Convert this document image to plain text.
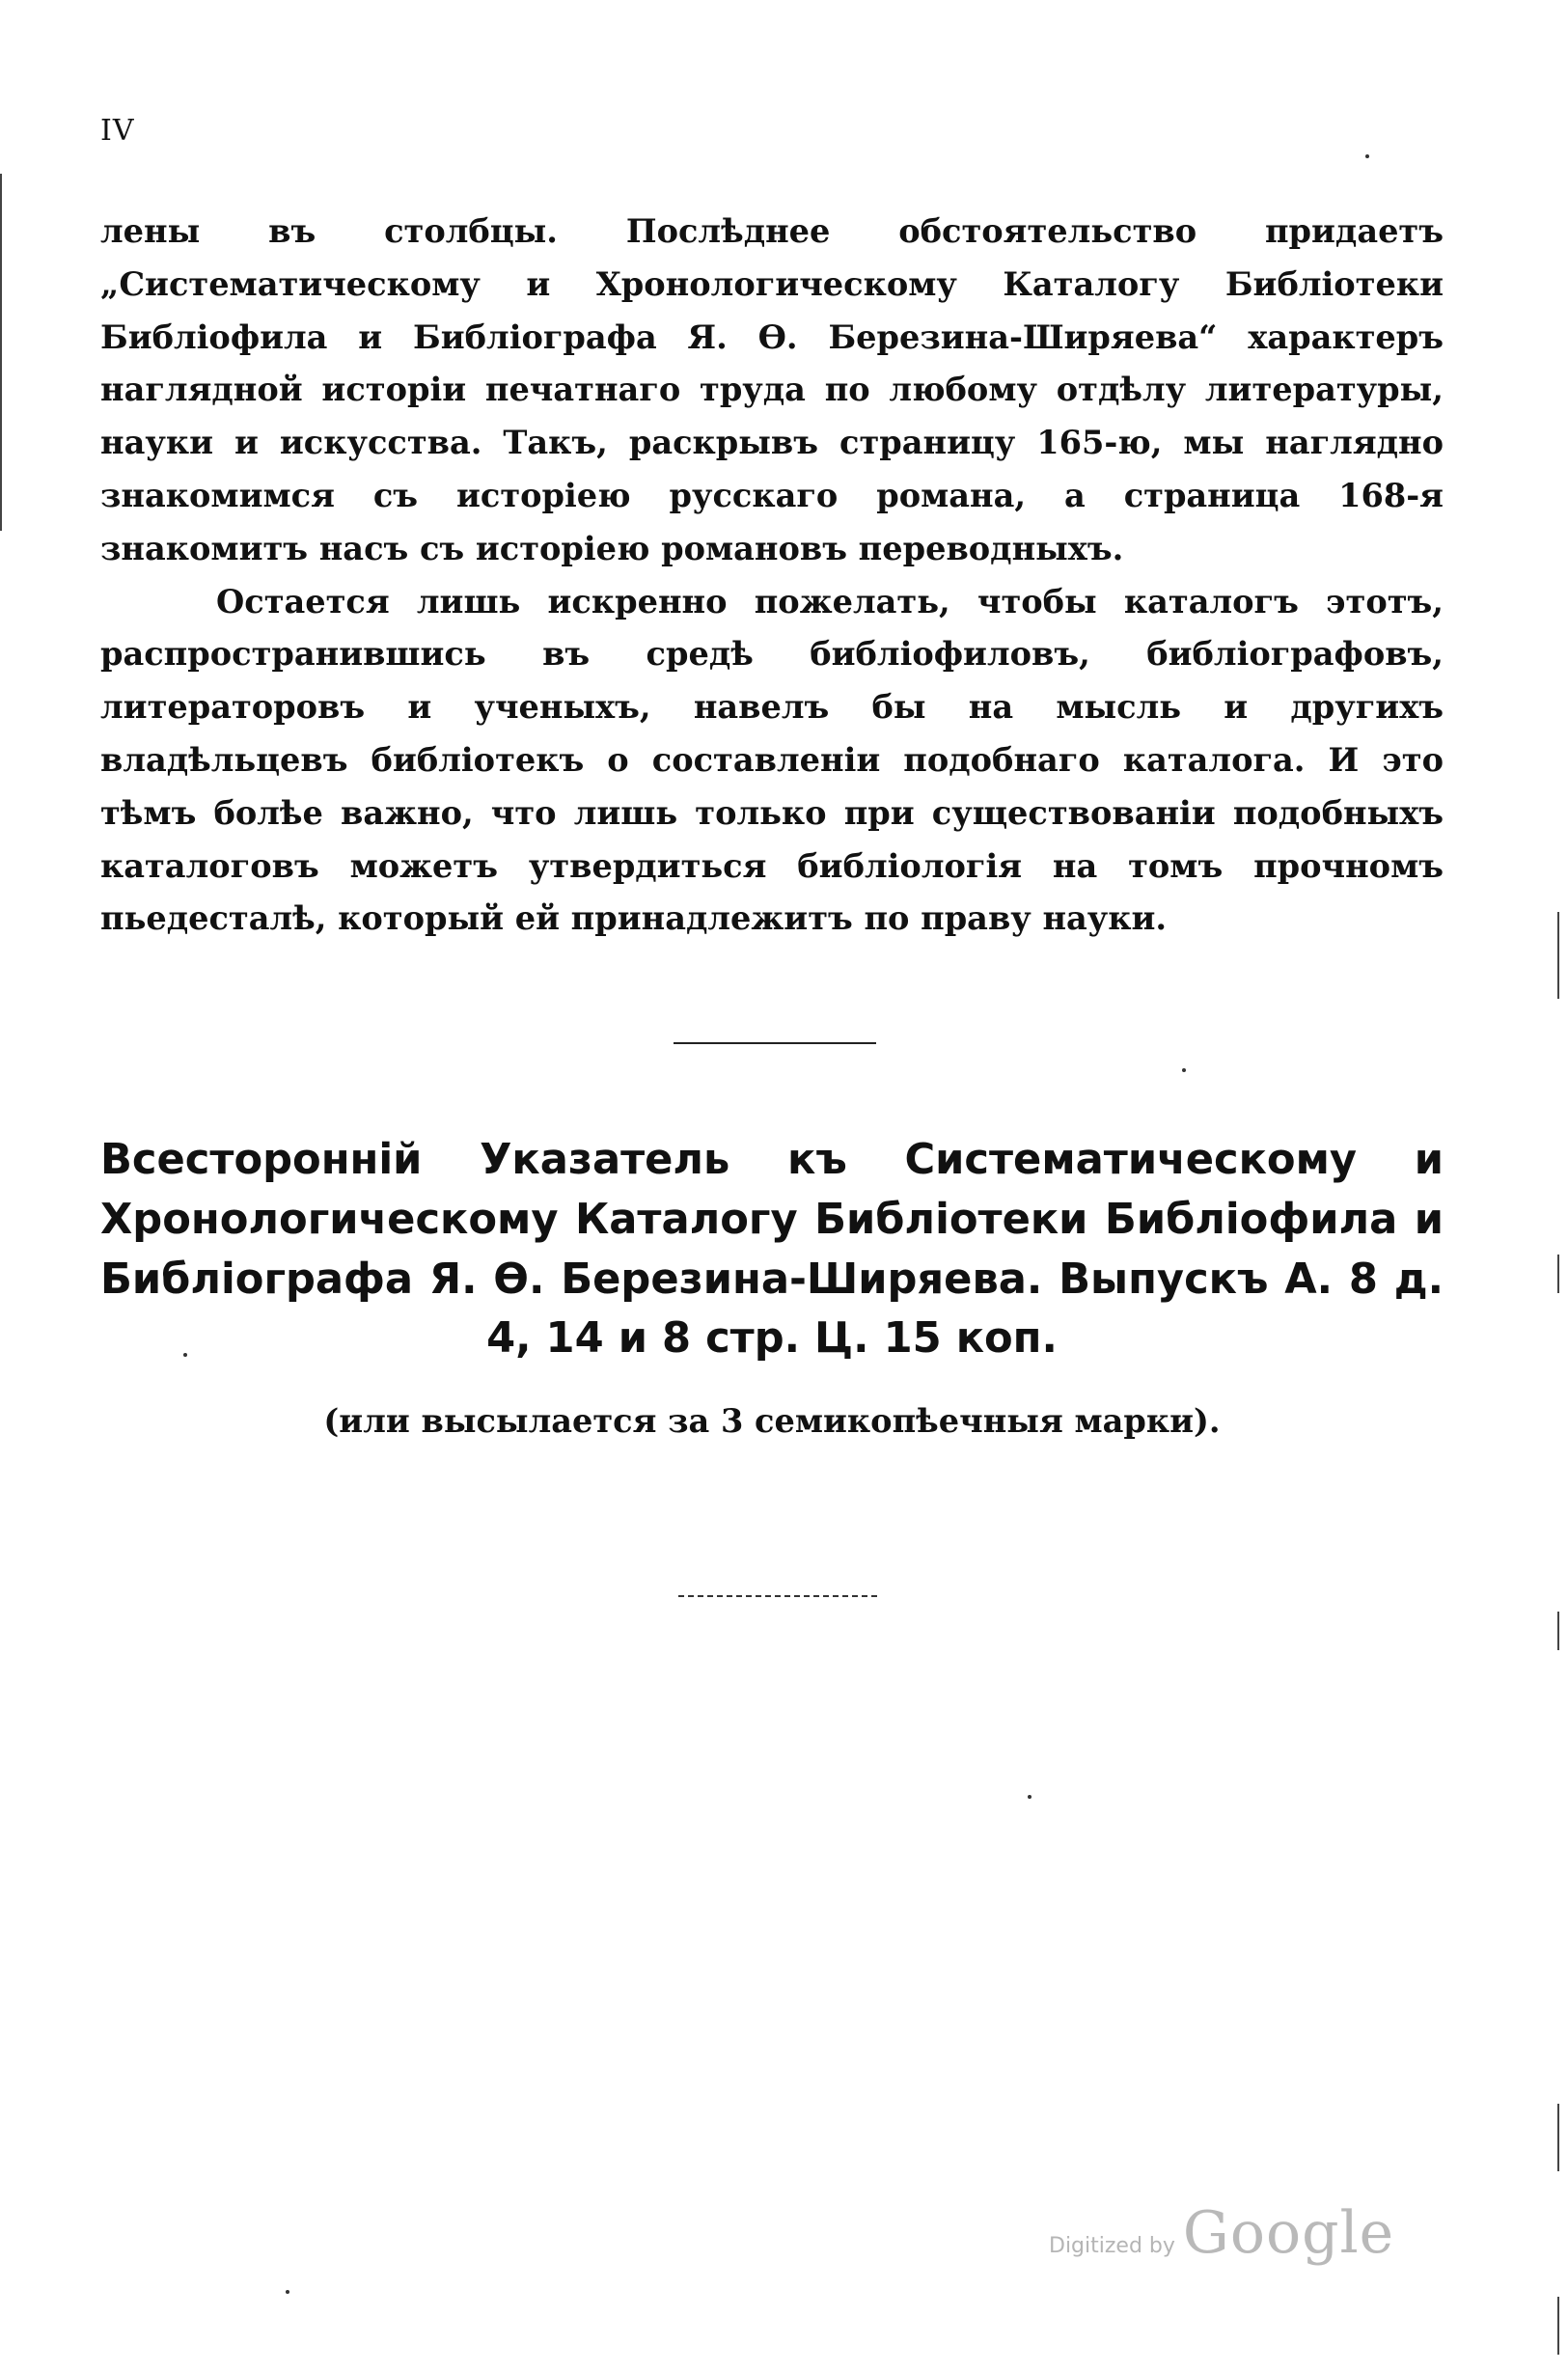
IV

лены въ столбцы. Послѣднее обстоятельство придаетъ „Систематическому и Хронологическому Каталогу Библіотеки Библіофила и Библіографа Я. Ѳ. Березина-Ширяева“ характеръ наглядной исторіи печатнаго труда по любому отдѣлу литературы, науки и искусства. Такъ, раскрывъ страницу 165-ю, мы наглядно знакомимся съ исторіею русскаго романа, а страница 168-я знакомитъ насъ съ исторіею романовъ переводныхъ.

Остается лишь искренно пожелать, чтобы каталогъ этотъ, распространившись въ средѣ библіофиловъ, библіографовъ, литераторовъ и ученыхъ, навелъ бы на мысль и другихъ владѣльцевъ библіотекъ о составленіи подобнаго каталога. И это тѣмъ болѣе важно, что лишь только при существованіи подобныхъ каталоговъ можетъ утвердиться библіологія на томъ прочномъ пьедесталѣ, который ей принадлежитъ по праву науки.

Всесторонній Указатель къ Систематическому и Хронологическому Каталогу Библіотеки Библіофила и Библіографа Я. Ѳ. Березина-Ширяева. Выпускъ А. 8 д. 4, 14 и 8 стр. Ц. 15 коп.
(или высылается за 3 семикопѣечныя марки).
Digitized by Google
